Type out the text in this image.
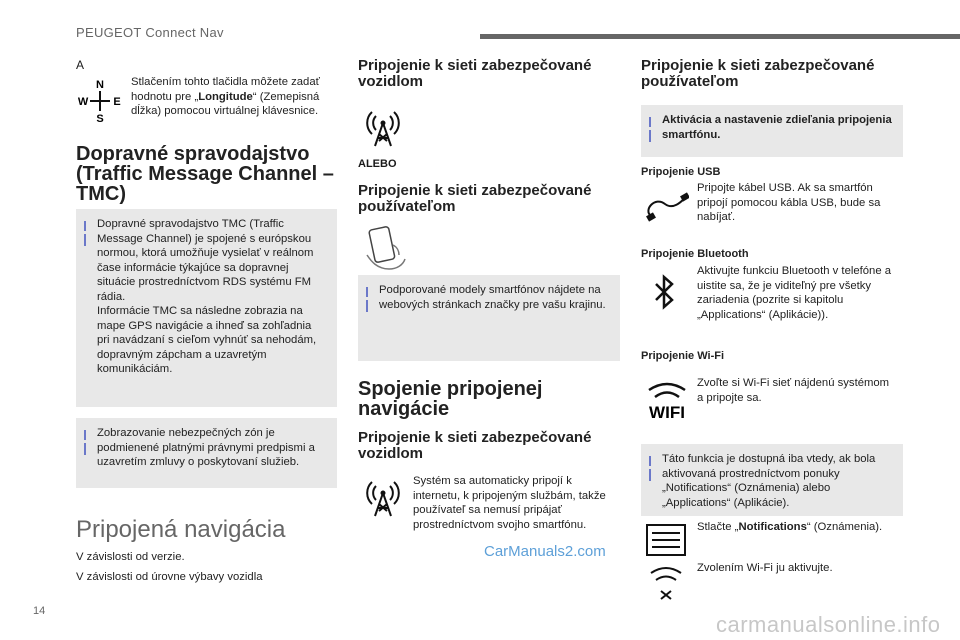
PEUGEOT Connect Nav
A
N
S
W E
Stlačením tohto tlačidla môžete zadať hodnotu pre „Longitude“ (Zemepisná dĺžka) pomocou virtuálnej klávesnice.
Dopravné spravodajstvo (Traffic Message Channel – TMC)
Dopravné spravodajstvo TMC (Traffic Message Channel) je spojené s európskou normou, ktorá umožňuje vysielať v reálnom čase informácie týkajúce sa dopravnej situácie prostredníctvom RDS systému FM rádia.
Informácie TMC sa následne zobrazia na mape GPS navigácie a ihneď sa zohľadnia pri navádzaní s cieľom vyhnúť sa nehodám, dopravným zápcham a uzavretým komunikáciám.
Zobrazovanie nebezpečných zón je podmienené platnými právnymi predpismi a uzavretím zmluvy o poskytovaní služieb.
Pripojená navigácia
V závislosti od verzie.
V závislosti od úrovne výbavy vozidla
Pripojenie k sieti zabezpečované vozidlom
ALEBO
Pripojenie k sieti zabezpečované používateľom
Podporované modely smartfónov nájdete na webových stránkach značky pre vašu krajinu.
Spojenie pripojenej navigácie
Pripojenie k sieti zabezpečované vozidlom
Systém sa automaticky pripojí k internetu, k pripojeným službám, takže používateľ sa nemusí pripájať prostredníctvom svojho smartfónu.
CarManuals2.com
Pripojenie k sieti zabezpečované používateľom
Aktivácia a nastavenie zdieľania pripojenia smartfónu.
Pripojenie USB
Pripojte kábel USB. Ak sa smartfón pripojí pomocou kábla USB, bude sa nabíjať.
Pripojenie Bluetooth
Aktivujte funkciu Bluetooth v telefóne a uistite sa, že je viditeľný pre všetky zariadenia (pozrite si kapitolu „Applications“ (Aplikácie)).
Pripojenie Wi-Fi
WIFI
Zvoľte si Wi-Fi sieť nájdenú systémom a pripojte sa.
Táto funkcia je dostupná iba vtedy, ak bola aktivovaná prostredníctvom ponuky „Notifications“ (Oznámenia) alebo „Applications“ (Aplikácie).
Stlačte „Notifications“ (Oznámenia).
Zvolením Wi-Fi ju aktivujte.
14
carmanualsonline.info
